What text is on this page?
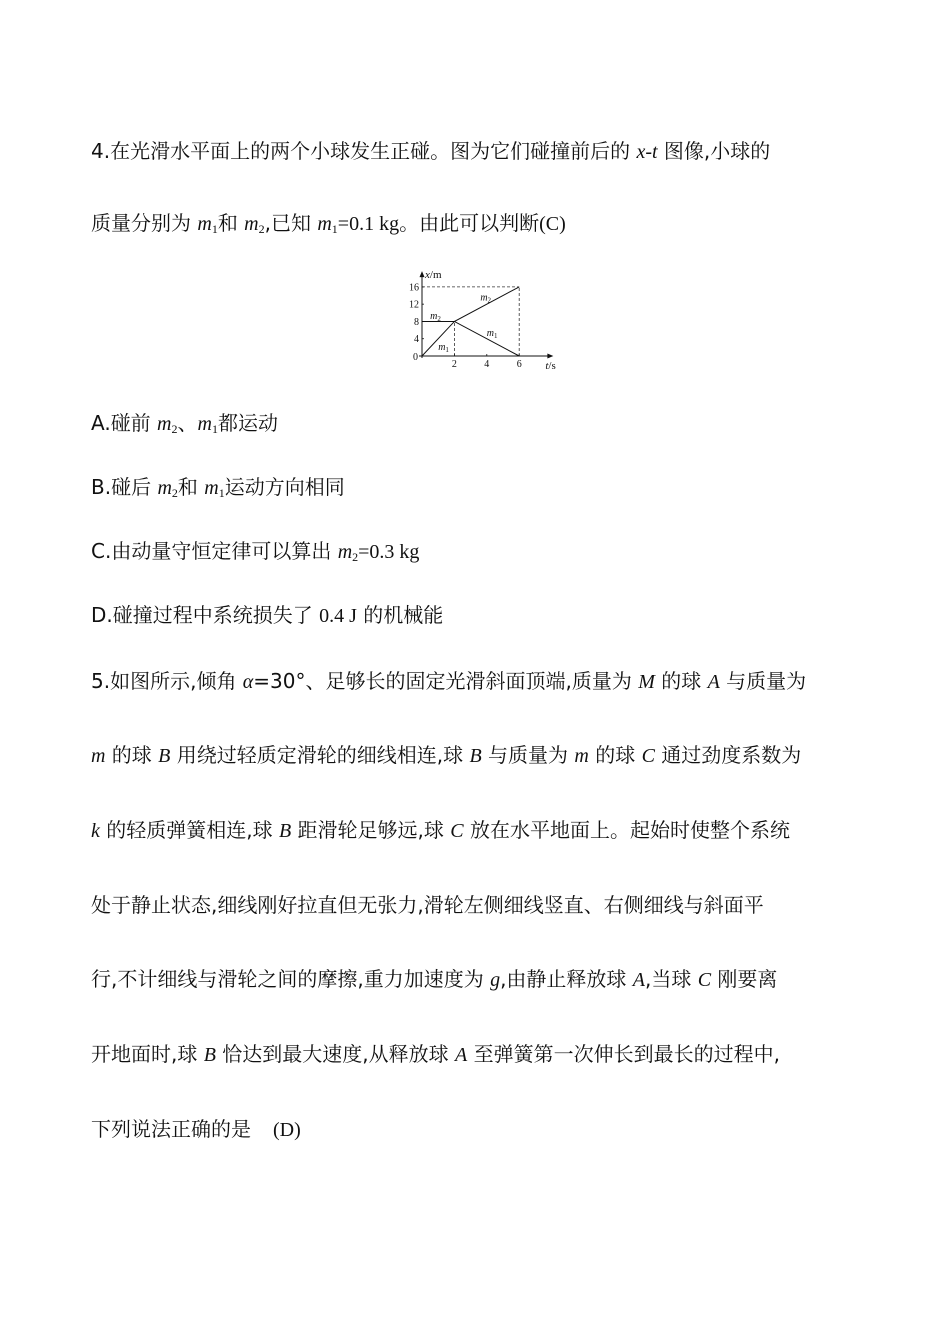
4.在光滑水平面上的两个小球发生正碰。图为它们碰撞前后的 x-t 图像,小球的
质量分别为 $m_1$和 $m_2$,已知 $m_1=0.1$ kg。由此可以判断(C)
2	4	6
4
8
12
16
x/m
t/s
0
$m_1$
$m_2$
$m_2$
$m_1$
A.碰前 $m_2$、$m_1$都运动
B.碰后 $m_2$和 $m_1$运动方向相同
C.由动量守恒定律可以算出 $m_2=0.3$ kg
D.碰撞过程中系统损失了 0.4 J 的机械能
5.如图所示,倾角 α=30°、足够长的固定光滑斜面顶端,质量为 M 的球 A 与质量为
m 的球 B 用绕过轻质定滑轮的细线相连,球 B 与质量为 m 的球 C 通过劲度系数为
k 的轻质弹簧相连,球 B 距滑轮足够远,球 C 放在水平地面上。起始时使整个系统
处于静止状态,细线刚好拉直但无张力,滑轮左侧细线竖直、右侧细线与斜面平
行,不计细线与滑轮之间的摩擦,重力加速度为 g,由静止释放球 A,当球 C 刚要离
开地面时,球 B 恰达到最大速度,从释放球 A 至弹簧第一次伸长到最长的过程中,
下列说法正确的是 (D)
